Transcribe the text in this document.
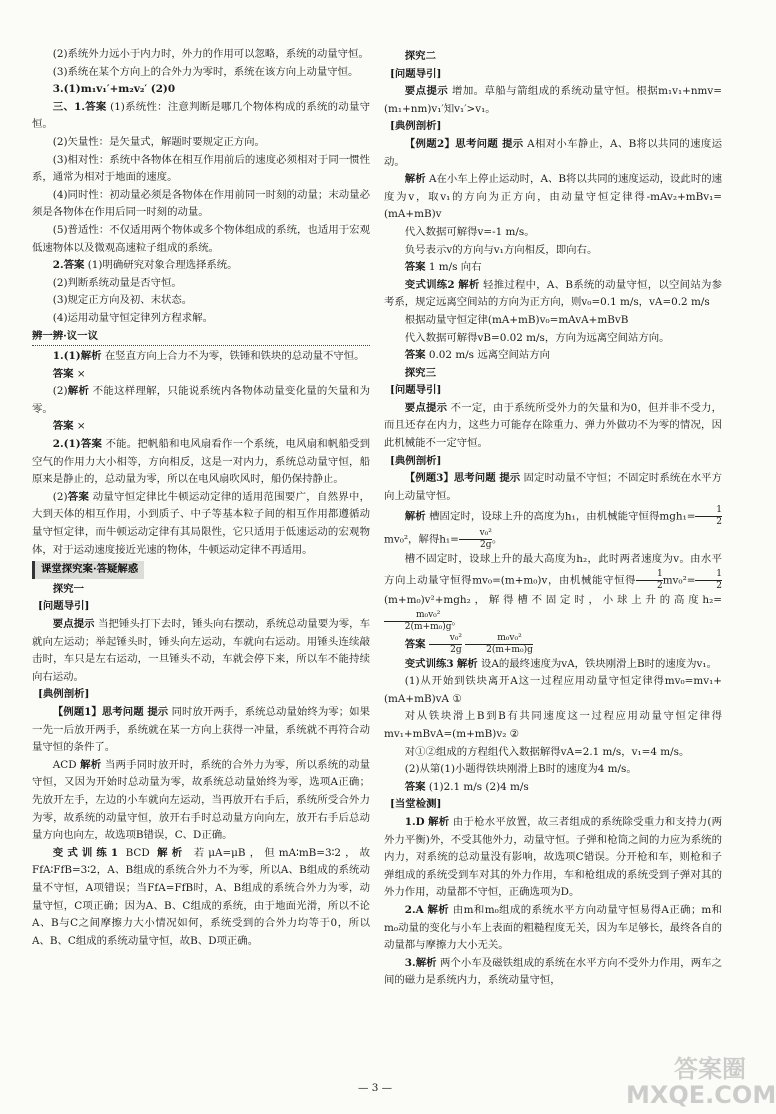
(2)系统外力远小于内力时，外力的作用可以忽略，系统的动量守恒。

(3)系统在某个方向上的合外力为零时，系统在该方向上动量守恒。

3.(1)m₁v₁′+m₂v₂′ (2)0

三、1.答案 (1)系统性：注意判断是哪几个物体构成的系统的动量守恒。

(2)矢量性：是矢量式，解题时要规定正方向。

(3)相对性：系统中各物体在相互作用前后的速度必须相对于同一惯性系，通常为相对于地面的速度。

(4)同时性：初动量必须是各物体在作用前同一时刻的动量；末动量必须是各物体在作用后同一时刻的动量。

(5)普适性：不仅适用两个物体或多个物体组成的系统，也适用于宏观低速物体以及微观高速粒子组成的系统。

2.答案 (1)明确研究对象合理选择系统。

(2)判断系统动量是否守恒。

(3)规定正方向及初、末状态。

(4)运用动量守恒定律列方程求解。

辨一辨·议一议

1.(1)解析 在竖直方向上合力不为零，铁锤和铁块的总动量不守恒。

答案 ×

(2)解析 不能这样理解，只能说系统内各物体动量变化量的矢量和为零。

答案 ×

2.(1)答案 不能。把帆船和电风扇看作一个系统，电风扇和帆船受到空气的作用力大小相等，方向相反，这是一对内力，系统总动量守恒，船原来是静止的，总动量为零，所以在电风扇吹风时，船仍保持静止。

(2)答案 动量守恒定律比牛顿运动定律的适用范围要广，自然界中，大到天体的相互作用，小到质子、中子等基本粒子间的相互作用都遵循动量守恒定律，而牛顿运动定律有其局限性，它只适用于低速运动的宏观物体，对于运动速度接近光速的物体，牛顿运动定律不再适用。

课堂探究案·答疑解惑

探究一

[问题导引]

要点提示 当把锤头打下去时，锤头向右摆动，系统总动量要为零，车就向左运动；举起锤头时，锤头向左运动，车就向右运动。用锤头连续敲击时，车只是左右运动，一旦锤头不动，车就会停下来，所以车不能持续向右运动。

[典例剖析]

【例题1】思考问题 提示 同时放开两手，系统总动量始终为零；如果一先一后放开两手，系统就在某一方向上获得一冲量，系统就不再符合动量守恒的条件了。

ACD 解析 当两手同时放开时，系统的合外力为零，所以系统的动量守恒，又因为开始时总动量为零，故系统总动量始终为零，选项A正确；先放开左手，左边的小车就向左运动，当再放开右手后，系统所受合外力为零，故系统的动量守恒，放开右手时总动量方向向左，放开右手后总动量方向也向左，故选项B错误，C、D正确。

变式训练1 BCD 解析 若μA=μB，但mA∶mB=3∶2，故FfA∶FfB=3∶2，A、B组成的系统合外力不为零，所以A、B组成的系统动量不守恒，A项错误；当FfA=FfB时，A、B组成的系统合外力为零，动量守恒，C项正确；因为A、B、C组成的系统，由于地面光滑，所以不论A、B与C之间摩擦力大小情况如何，系统受到的合外力均等于0，所以A、B、C组成的系统动量守恒，故B、D项正确。

探究二

[问题导引]

要点提示 增加。草船与箭组成的系统动量守恒。根据m₁v₁+nmv=(m₁+nm)v₁′知v₁′>v₁。

[典例剖析]

【例题2】思考问题 提示 A相对小车静止，A、B将以共同的速度运动。

解析 A在小车上停止运动时，A、B将以共同的速度运动，设此时的速度为v，取v₁的方向为正方向，由动量守恒定律得-mAv₂+mBv₁=(mA+mB)v

代入数据可解得v=-1 m/s。

负号表示v的方向与v₁方向相反，即向右。

答案 1 m/s 向右

变式训练2 解析 轻推过程中，A、B系统的动量守恒，以空间站为参考系，规定远离空间站的方向为正方向，则v₀=0.1 m/s，vA=0.2 m/s

根据动量守恒定律(mA+mB)v₀=mAvA+mBvB

代入数据可解得vB=0.02 m/s，方向为远离空间站方向。

答案 0.02 m/s 远离空间站方向

探究三

[问题导引]

要点提示 不一定，由于系统所受外力的矢量和为0，但并非不受力，而且还存在内力，这些力可能存在除重力、弹力外做功不为零的情况，因此机械能不一定守恒。

[典例剖析]

【例题3】思考问题 提示 固定时动量不守恒；不固定时系统在水平方向上动量守恒。

解析 槽固定时，设球上升的高度为h₁，由机械能守恒得$mgh_1= \frac{1}{2}$
mv₀²，解得$h_1= \frac{\text{v₀²}}{2g}$ 。

槽不固定时，设球上升的最大高度为h₂，此时两者速度为v。由水平方向上动量守恒得mv₀=(m+m₀)v，由机械能守恒得 $\frac{1}{2} mv_0^2= \frac{1}{2}$
(m+m₀)v²+mgh₂，解得槽不固定时，小球上升的高度h₂=
$\frac{\text{m₀v₀²}}{\text{2(m+m₀)g}}$ 。

答案 $\frac{\text{v₀²}}{2g}$
$\frac{\text{m₀v₀²}}{\text{2(m+m₀)g}}$

变式训练3 解析 设A的最终速度为vA，铁块刚滑上B时的速度为v₁。

(1)从开始到铁块离开A这一过程应用动量守恒定律得mv₀=mv₁+(mA+mB)vA ①

对从铁块滑上B到B有共同速度这一过程应用动量守恒定律得mv₁+mBvA=(m+mB)v₂ ②

对①②组成的方程组代入数据解得vA=2.1 m/s，v₁=4 m/s。

(2)从第(1)小题得铁块刚滑上B时的速度为4 m/s。

答案 (1)2.1 m/s (2)4 m/s

[当堂检测]

1.D 解析 由于枪水平放置，故三者组成的系统除受重力和支持力(两外力平衡)外，不受其他外力，动量守恒。子弹和枪筒之间的力应为系统的内力，对系统的总动量没有影响，故选项C错误。分开枪和车，则枪和子弹组成的系统受到车对其的外力作用，车和枪组成的系统受到子弹对其的外力作用，动量都不守恒，正确选项为D。

2.A 解析 由m和m₀组成的系统水平方向动量守恒易得A正确；m和m₀动量的变化与小车上表面的粗糙程度无关，因为车足够长，最终各自的动量都与摩擦力大小无关。

3.解析 两个小车及磁铁组成的系统在水平方向不受外力作用，两车之间的磁力是系统内力，系统动量守恒，

— 3 —
答案圈 MXQE.COM
